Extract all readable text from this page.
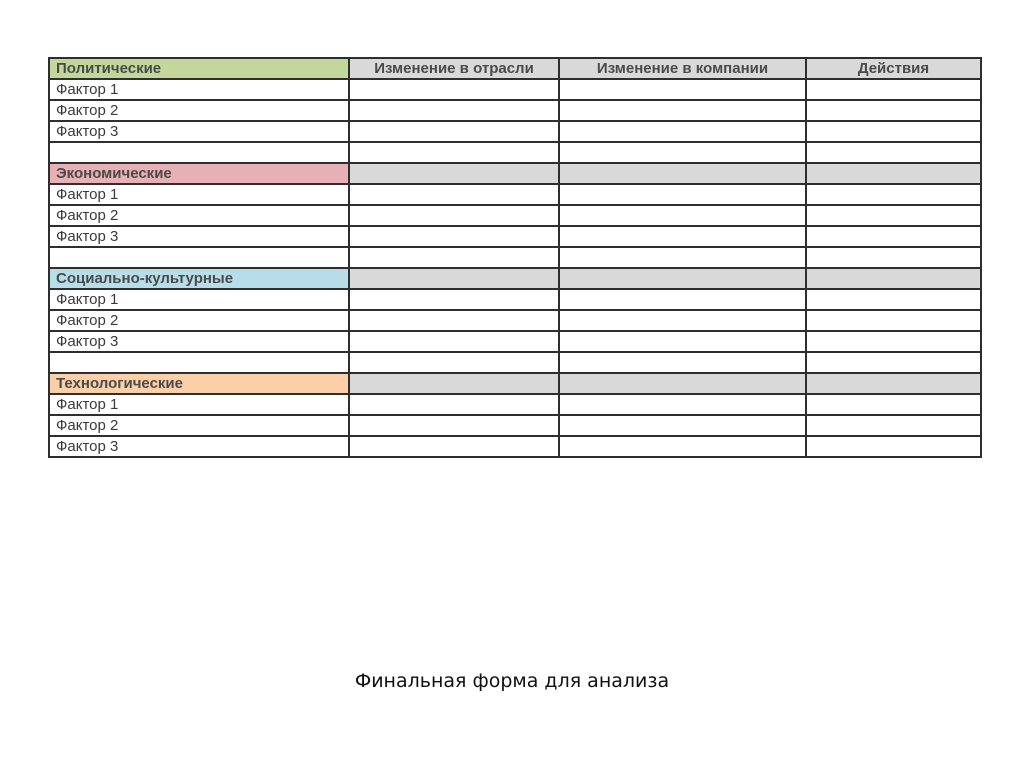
Политические	Изменение в отрасли	Изменение в компании	Действия
Фактор 1			
Фактор 2			
Фактор 3			

Экономические			
Фактор 1			
Фактор 2			
Фактор 3			

Социально-культурные			
Фактор 1			
Фактор 2			
Фактор 3			

Технологические			
Фактор 1			
Фактор 2			
Фактор 3			
Финальная форма для анализа
